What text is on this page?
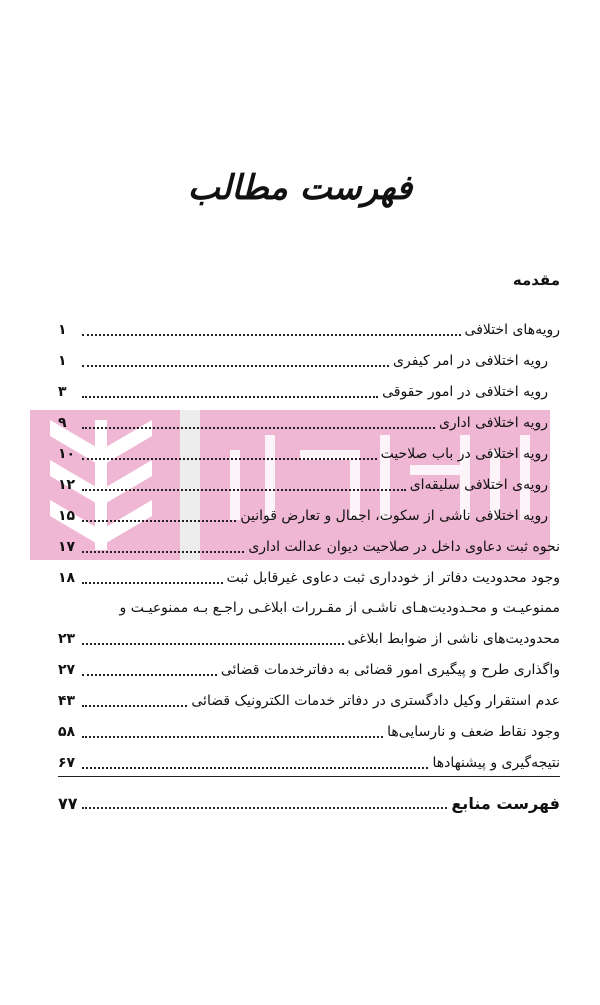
فهرست مطالب
مقدمه
رویه‌های اختلافی
۱
رویه اختلافی در امر کیفری
۱
رویه اختلافی در امور حقوقی
۳
رویه اختلافی اداری
۹
رویه اختلافی در باب صلاحیت
۱۰
رویه‌ی اختلافی سلیقه‌ای
۱۲
رویه اختلافی ناشی از سکوت، اجمال و تعارض قوانین
۱۵
نحوه ثبت دعاوی داخل در صلاحیت دیوان عدالت اداری
۱۷
وجود محدودیت دفاتر از خودداری ثبت دعاوی غیرقابل ثبت
۱۸
ممنوعیـت و محـدودیت‌هـای ناشـی از مقـررات ابلاغـی راجـع بـه ممنوعیـت و
محدودیت‌های ناشی از ضوابط ابلاغی
۲۳
واگذاری طرح و پیگیری امور قضائی به دفاترخدمات قضائی
۲۷
عدم استقرار وکیل دادگستری در دفاتر خدمات الکترونیک قضائی
۴۳
وجود نقاط ضعف و نارسایی‌ها
۵۸
نتیجه‌گیری و پیشنهادها
۶۷
فهرست منابع
۷۷
